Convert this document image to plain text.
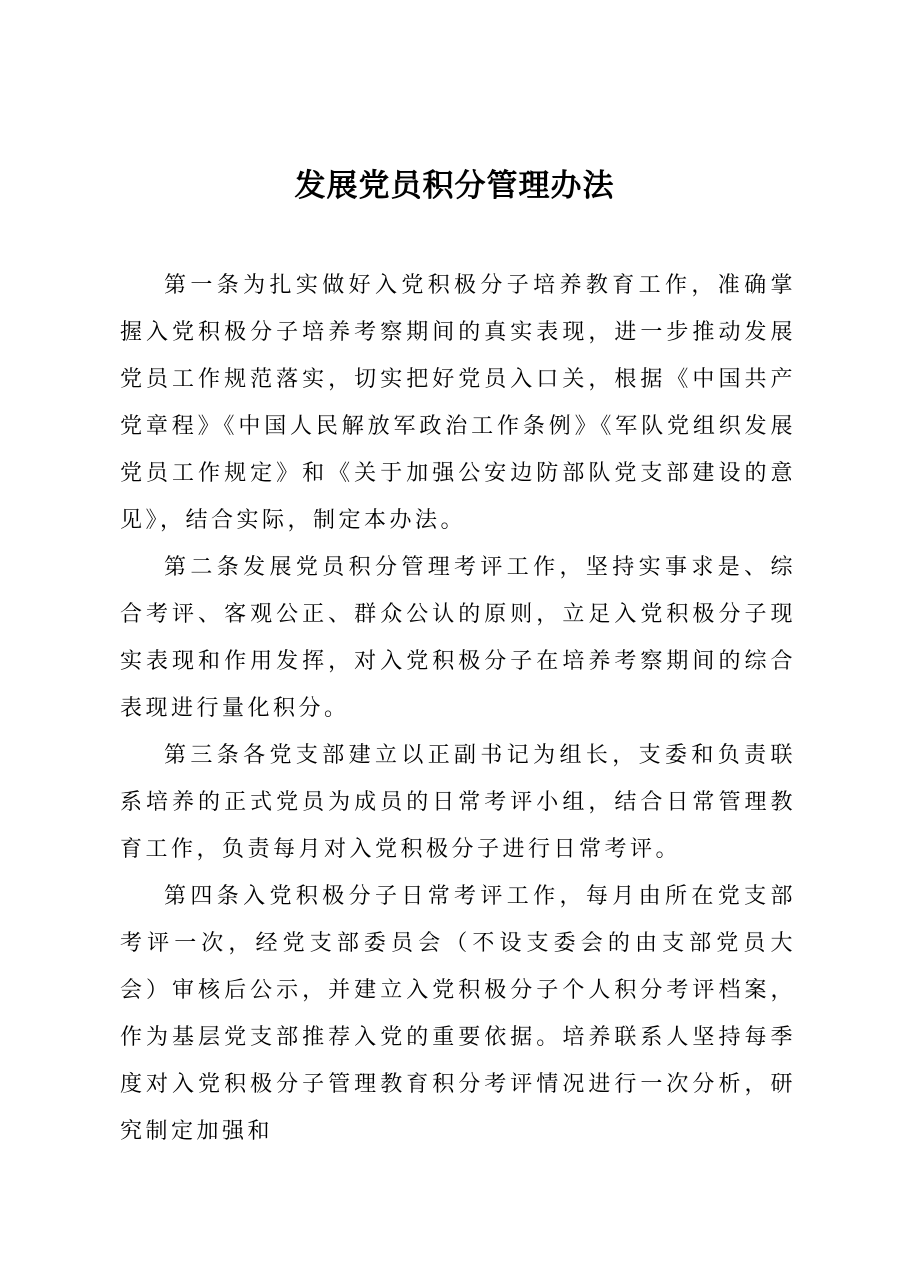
发展党员积分管理办法

第一条为扎实做好入党积极分子培养教育工作，准确掌握入党积极分子培养考察期间的真实表现，进一步推动发展党员工作规范落实，切实把好党员入口关，根据《中国共产党章程》《中国人民解放军政治工作条例》《军队党组织发展党员工作规定》和《关于加强公安边防部队党支部建设的意见》，结合实际，制定本办法。

第二条发展党员积分管理考评工作，坚持实事求是、综合考评、客观公正、群众公认的原则，立足入党积极分子现实表现和作用发挥，对入党积极分子在培养考察期间的综合表现进行量化积分。

第三条各党支部建立以正副书记为组长，支委和负责联系培养的正式党员为成员的日常考评小组，结合日常管理教育工作，负责每月对入党积极分子进行日常考评。

第四条入党积极分子日常考评工作，每月由所在党支部考评一次，经党支部委员会（不设支委会的由支部党员大会）审核后公示，并建立入党积极分子个人积分考评档案，作为基层党支部推荐入党的重要依据。培养联系人坚持每季度对入党积极分子管理教育积分考评情况进行一次分析，研究制定加强和
